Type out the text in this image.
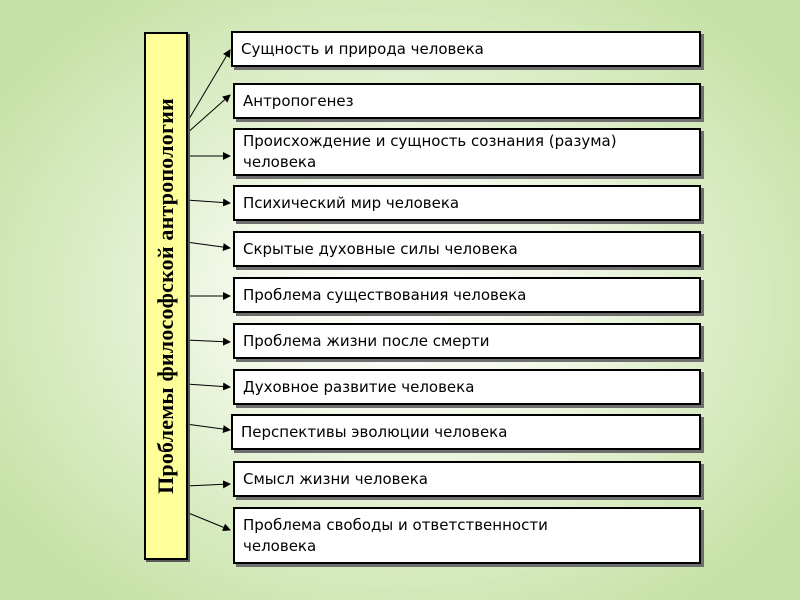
Проблемы философской антропологии
Сущность и природа человека
Антропогенез
Происхождение и сущность сознания (разума) человека
Психический мир человека
Скрытые духовные силы человека
Проблема существования человека
Проблема жизни после смерти
Духовное развитие человека
Перспективы эволюции человека
Смысл жизни человека
Проблема свободы и ответственности человека
